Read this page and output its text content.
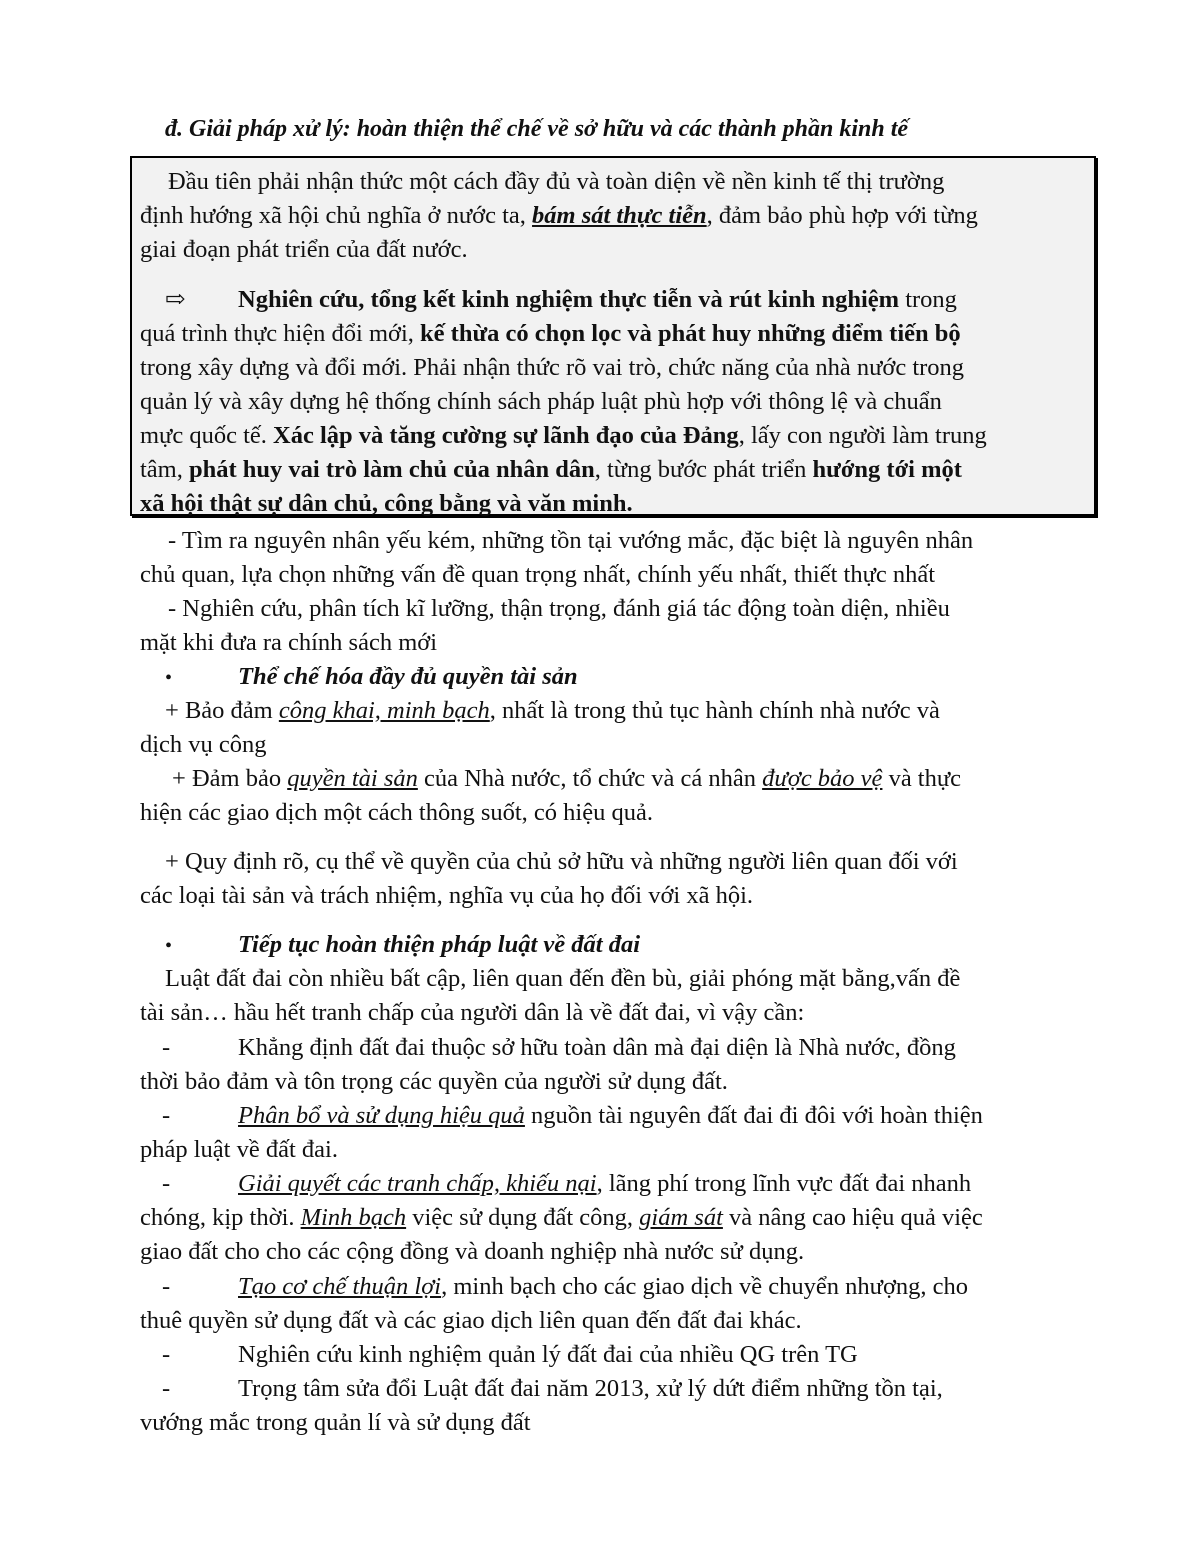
đ. Giải pháp xử lý: hoàn thiện thể chế về sở hữu và các thành phần kinh tế
Đầu tiên phải nhận thức một cách đầy đủ và toàn diện về nền kinh tế thị trường
định hướng xã hội chủ nghĩa ở nước ta, bám sát thực tiễn, đảm bảo phù hợp với từng
giai đoạn phát triển của đất nước.
⇨ Nghiên cứu, tổng kết kinh nghiệm thực tiễn và rút kinh nghiệm trong
quá trình thực hiện đổi mới, kế thừa có chọn lọc và phát huy những điểm tiến bộ
trong xây dựng và đổi mới. Phải nhận thức rõ vai trò, chức năng của nhà nước trong
quản lý và xây dựng hệ thống chính sách pháp luật phù hợp với thông lệ và chuẩn
mực quốc tế. Xác lập và tăng cường sự lãnh đạo của Đảng, lấy con người làm trung
tâm, phát huy vai trò làm chủ của nhân dân, từng bước phát triển hướng tới một
xã hội thật sự dân chủ, công bằng và văn minh.
- Tìm ra nguyên nhân yếu kém, những tồn tại vướng mắc, đặc biệt là nguyên nhân
chủ quan, lựa chọn những vấn đề quan trọng nhất, chính yếu nhất, thiết thực nhất
- Nghiên cứu, phân tích kĩ lưỡng, thận trọng, đánh giá tác động toàn diện, nhiều
mặt khi đưa ra chính sách mới
•	Thể chế hóa đầy đủ quyền tài sản
+ Bảo đảm công khai, minh bạch, nhất là trong thủ tục hành chính nhà nước và
dịch vụ công
+ Đảm bảo quyền tài sản của Nhà nước, tổ chức và cá nhân được bảo vệ và thực
hiện các giao dịch một cách thông suốt, có hiệu quả.
+ Quy định rõ, cụ thể về quyền của chủ sở hữu và những người liên quan đối với
các loại tài sản và trách nhiệm, nghĩa vụ của họ đối với xã hội.
•	Tiếp tục hoàn thiện pháp luật về đất đai
Luật đất đai còn nhiều bất cập, liên quan đến đền bù, giải phóng mặt bằng,vấn đề
tài sản… hầu hết tranh chấp của người dân là về đất đai, vì vậy cần:
-	Khẳng định đất đai thuộc sở hữu toàn dân mà đại diện là Nhà nước, đồng
thời bảo đảm và tôn trọng các quyền của người sử dụng đất.
-	Phân bổ và sử dụng hiệu quả nguồn tài nguyên đất đai đi đôi với hoàn thiện
pháp luật về đất đai.
-	Giải quyết các tranh chấp, khiếu nại, lãng phí trong lĩnh vực đất đai nhanh
chóng, kịp thời. Minh bạch việc sử dụng đất công, giám sát và nâng cao hiệu quả việc
giao đất cho cho các cộng đồng và doanh nghiệp nhà nước sử dụng.
-	Tạo cơ chế thuận lợi, minh bạch cho các giao dịch về chuyển nhượng, cho
thuê quyền sử dụng đất và các giao dịch liên quan đến đất đai khác.
-	Nghiên cứu kinh nghiệm quản lý đất đai của nhiều QG trên TG
-	Trọng tâm sửa đổi Luật đất đai năm 2013, xử lý dứt điểm những tồn tại,
vướng mắc trong quản lí và sử dụng đất
